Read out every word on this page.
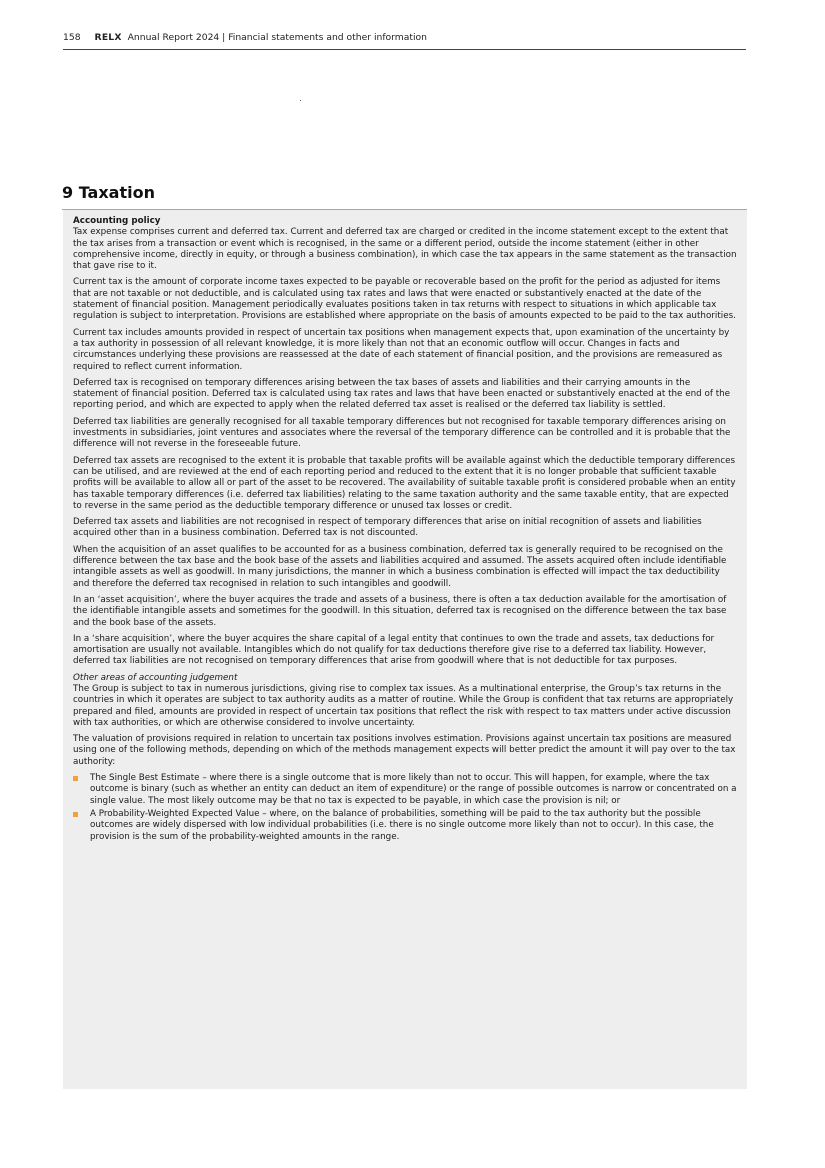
158 RELX Annual Report 2024 | Financial statements and other information
9 Taxation

Accounting policy

Tax expense comprises current and deferred tax. Current and deferred tax are charged or credited in the income statement except to the extent that the tax arises from a transaction or event which is recognised, in the same or a different period, outside the income statement (either in other comprehensive income, directly in equity, or through a business combination), in which case the tax appears in the same statement as the transaction that gave rise to it.

Current tax is the amount of corporate income taxes expected to be payable or recoverable based on the profit for the period as adjusted for items that are not taxable or not deductible, and is calculated using tax rates and laws that were enacted or substantively enacted at the date of the statement of financial position. Management periodically evaluates positions taken in tax returns with respect to situations in which applicable tax regulation is subject to interpretation. Provisions are established where appropriate on the basis of amounts expected to be paid to the tax authorities.

Current tax includes amounts provided in respect of uncertain tax positions when management expects that, upon examination of the uncertainty by a tax authority in possession of all relevant knowledge, it is more likely than not that an economic outflow will occur. Changes in facts and circumstances underlying these provisions are reassessed at the date of each statement of financial position, and the provisions are remeasured as required to reflect current information.

Deferred tax is recognised on temporary differences arising between the tax bases of assets and liabilities and their carrying amounts in the statement of financial position. Deferred tax is calculated using tax rates and laws that have been enacted or substantively enacted at the end of the reporting period, and which are expected to apply when the related deferred tax asset is realised or the deferred tax liability is settled.

Deferred tax liabilities are generally recognised for all taxable temporary differences but not recognised for taxable temporary differences arising on investments in subsidiaries, joint ventures and associates where the reversal of the temporary difference can be controlled and it is probable that the difference will not reverse in the foreseeable future.

Deferred tax assets are recognised to the extent it is probable that taxable profits will be available against which the deductible temporary differences can be utilised, and are reviewed at the end of each reporting period and reduced to the extent that it is no longer probable that sufficient taxable profits will be available to allow all or part of the asset to be recovered. The availability of suitable taxable profit is considered probable when an entity has taxable temporary differences (i.e. deferred tax liabilities) relating to the same taxation authority and the same taxable entity, that are expected to reverse in the same period as the deductible temporary difference or unused tax losses or credit.

Deferred tax assets and liabilities are not recognised in respect of temporary differences that arise on initial recognition of assets and liabilities acquired other than in a business combination. Deferred tax is not discounted.

When the acquisition of an asset qualifies to be accounted for as a business combination, deferred tax is generally required to be recognised on the difference between the tax base and the book base of the assets and liabilities acquired and assumed. The assets acquired often include identifiable intangible assets as well as goodwill. In many jurisdictions, the manner in which a business combination is effected will impact the tax deductibility and therefore the deferred tax recognised in relation to such intangibles and goodwill.

In an ‘asset acquisition’, where the buyer acquires the trade and assets of a business, there is often a tax deduction available for the amortisation of the identifiable intangible assets and sometimes for the goodwill. In this situation, deferred tax is recognised on the difference between the tax base and the book base of the assets.

In a ‘share acquisition’, where the buyer acquires the share capital of a legal entity that continues to own the trade and assets, tax deductions for amortisation are usually not available. Intangibles which do not qualify for tax deductions therefore give rise to a deferred tax liability. However, deferred tax liabilities are not recognised on temporary differences that arise from goodwill where that is not deductible for tax purposes.

Other areas of accounting judgement

The Group is subject to tax in numerous jurisdictions, giving rise to complex tax issues. As a multinational enterprise, the Group’s tax returns in the countries in which it operates are subject to tax authority audits as a matter of routine. While the Group is confident that tax returns are appropriately prepared and filed, amounts are provided in respect of uncertain tax positions that reflect the risk with respect to tax matters under active discussion with tax authorities, or which are otherwise considered to involve uncertainty.

The valuation of provisions required in relation to uncertain tax positions involves estimation. Provisions against uncertain tax positions are measured using one of the following methods, depending on which of the methods management expects will better predict the amount it will pay over to the tax authority:

The Single Best Estimate – where there is a single outcome that is more likely than not to occur. This will happen, for example, where the tax outcome is binary (such as whether an entity can deduct an item of expenditure) or the range of possible outcomes is narrow or concentrated on a single value. The most likely outcome may be that no tax is expected to be payable, in which case the provision is nil; or
A Probability-Weighted Expected Value – where, on the balance of probabilities, something will be paid to the tax authority but the possible outcomes are widely dispersed with low individual probabilities (i.e. there is no single outcome more likely than not to occur). In this case, the provision is the sum of the probability-weighted amounts in the range.
